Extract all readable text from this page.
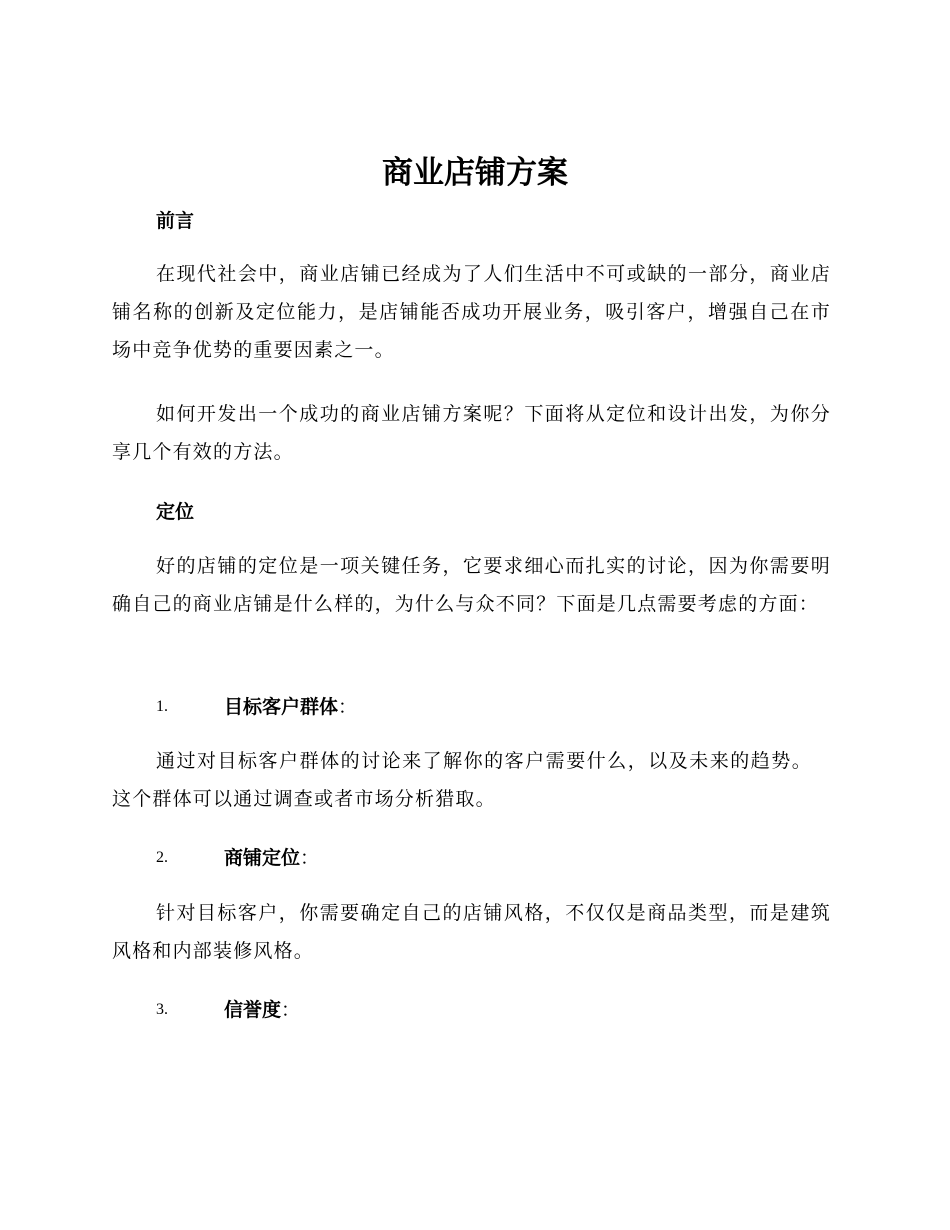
商业店铺方案
前言

在现代社会中，商业店铺已经成为了人们生活中不可或缺的一部分，商业店铺名称的创新及定位能力，是店铺能否成功开展业务，吸引客户，增强自己在市场中竞争优势的重要因素之一。

如何开发出一个成功的商业店铺方案呢？下面将从定位和设计出发，为你分享几个有效的方法。

定位

好的店铺的定位是一项关键任务，它要求细心而扎实的讨论，因为你需要明确自己的商业店铺是什么样的，为什么与众不同？下面是几点需要考虑的方面：

1.	目标客户群体：

通过对目标客户群体的讨论来了解你的客户需要什么，以及未来的趋势。这个群体可以通过调查或者市场分析猎取。

2.	商铺定位：

针对目标客户，你需要确定自己的店铺风格，不仅仅是商品类型，而是建筑风格和内部装修风格。

3.	信誉度：
